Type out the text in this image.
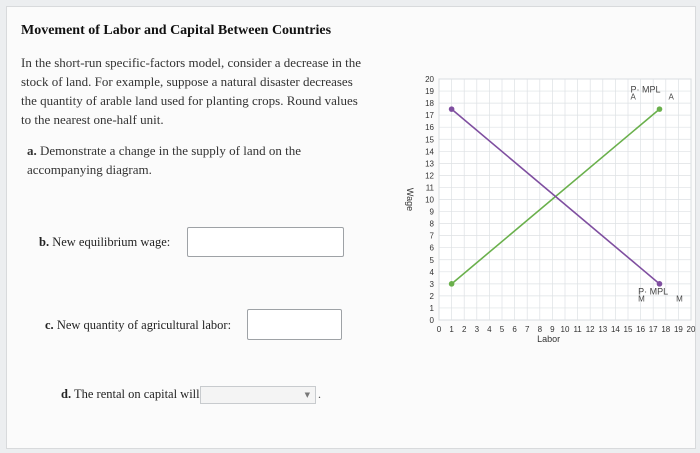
Movement of Labor and Capital Between Countries
In the short-run specific-factors model, consider a decrease in the stock of land. For example, suppose a natural disaster decreases the quantity of arable land used for planting crops. Round values to the nearest one-half unit.
a. Demonstrate a change in the supply of land on the accompanying diagram.
b. New equilibrium wage:
c. New quantity of agricultural labor:
d. The rental on capital will	▼ .
0
1
2
3
4
5
6
7
8
9
10
11
12
13
14
15
16
17
18
19
20
0 1 2 3 4 5 6 7 8 9 10 11 12 13 14 15 16 17 18 19 20
Wage
Labor
P
A
· MPL
A
P
M
· MPL
M
